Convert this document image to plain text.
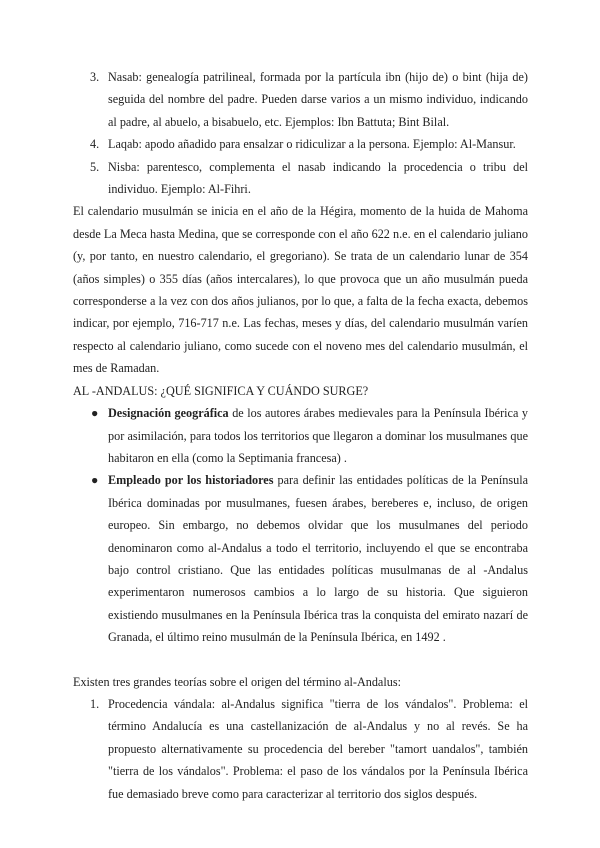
3. Nasab: genealogía patrilineal, formada por la partícula ibn (hijo de) o bint (hija de) seguida del nombre del padre. Pueden darse varios a un mismo individuo, indicando al padre, al abuelo, a bisabuelo, etc. Ejemplos: Ibn Battuta; Bint Bilal.
4. Laqab: apodo añadido para ensalzar o ridiculizar a la persona. Ejemplo: Al-Mansur.
5. Nisba: parentesco, complementa el nasab indicando la procedencia o tribu del individuo. Ejemplo: Al-Fihri.

El calendario musulmán se inicia en el año de la Hégira, momento de la huida de Mahoma desde La Meca hasta Medina, que se corresponde con el año 622 n.e. en el calendario juliano (y, por tanto, en nuestro calendario, el gregoriano). Se trata de un calendario lunar de 354 (años simples) o 355 días (años intercalares), lo que provoca que un año musulmán pueda corresponderse a la vez con dos años julianos, por lo que, a falta de la fecha exacta, debemos indicar, por ejemplo, 716-717 n.e. Las fechas, meses y días, del calendario musulmán varíen respecto al calendario juliano, como sucede con el noveno mes del calendario musulmán, el mes de Ramadan.

AL -ANDALUS: ¿QUÉ SIGNIFICA Y CUÁNDO SURGE?

● Designación geográfica de los autores árabes medievales para la Península Ibérica y por asimilación, para todos los territorios que llegaron a dominar los musulmanes que habitaron en ella (como la Septimania francesa) .
● Empleado por los historiadores para definir las entidades políticas de la Península Ibérica dominadas por musulmanes, fuesen árabes, bereberes e, incluso, de origen europeo. Sin embargo, no debemos olvidar que los musulmanes del periodo denominaron como al-Andalus a todo el territorio, incluyendo el que se encontraba bajo control cristiano. Que las entidades políticas musulmanas de al -Andalus experimentaron numerosos cambios a lo largo de su historia. Que siguieron existiendo musulmanes en la Península Ibérica tras la conquista del emirato nazarí de Granada, el último reino musulmán de la Península Ibérica, en 1492 .

Existen tres grandes teorías sobre el origen del término al-Andalus:

1. Procedencia vándala: al-Andalus significa "tierra de los vándalos". Problema: el término Andalucía es una castellanización de al-Andalus y no al revés. Se ha propuesto alternativamente su procedencia del bereber "tamort uandalos", también "tierra de los vándalos". Problema: el paso de los vándalos por la Península Ibérica fue demasiado breve como para caracterizar al territorio dos siglos después.
